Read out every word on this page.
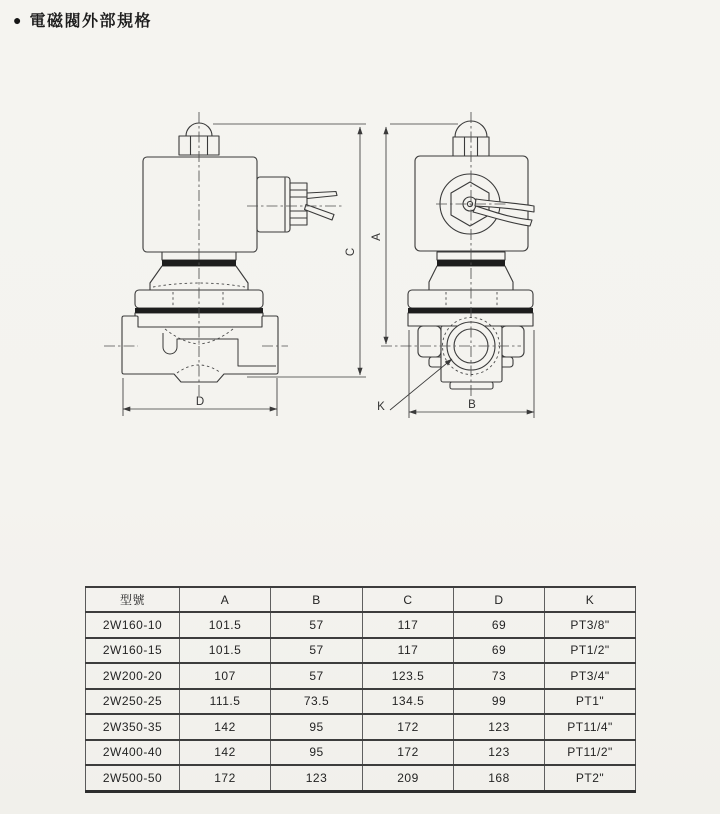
● 電磁閥外部規格
C
D
A
B
K
型號	A	B	C	D	K
2W160-10	101.5	57	117	69	PT3/8"
2W160-15	101.5	57	117	69	PT1/2"
2W200-20	107	57	123.5	73	PT3/4"
2W250-25	111.5	73.5	134.5	99	PT1"
2W350-35	142	95	172	123	PT11/4"
2W400-40	142	95	172	123	PT11/2"
2W500-50	172	123	209	168	PT2"
